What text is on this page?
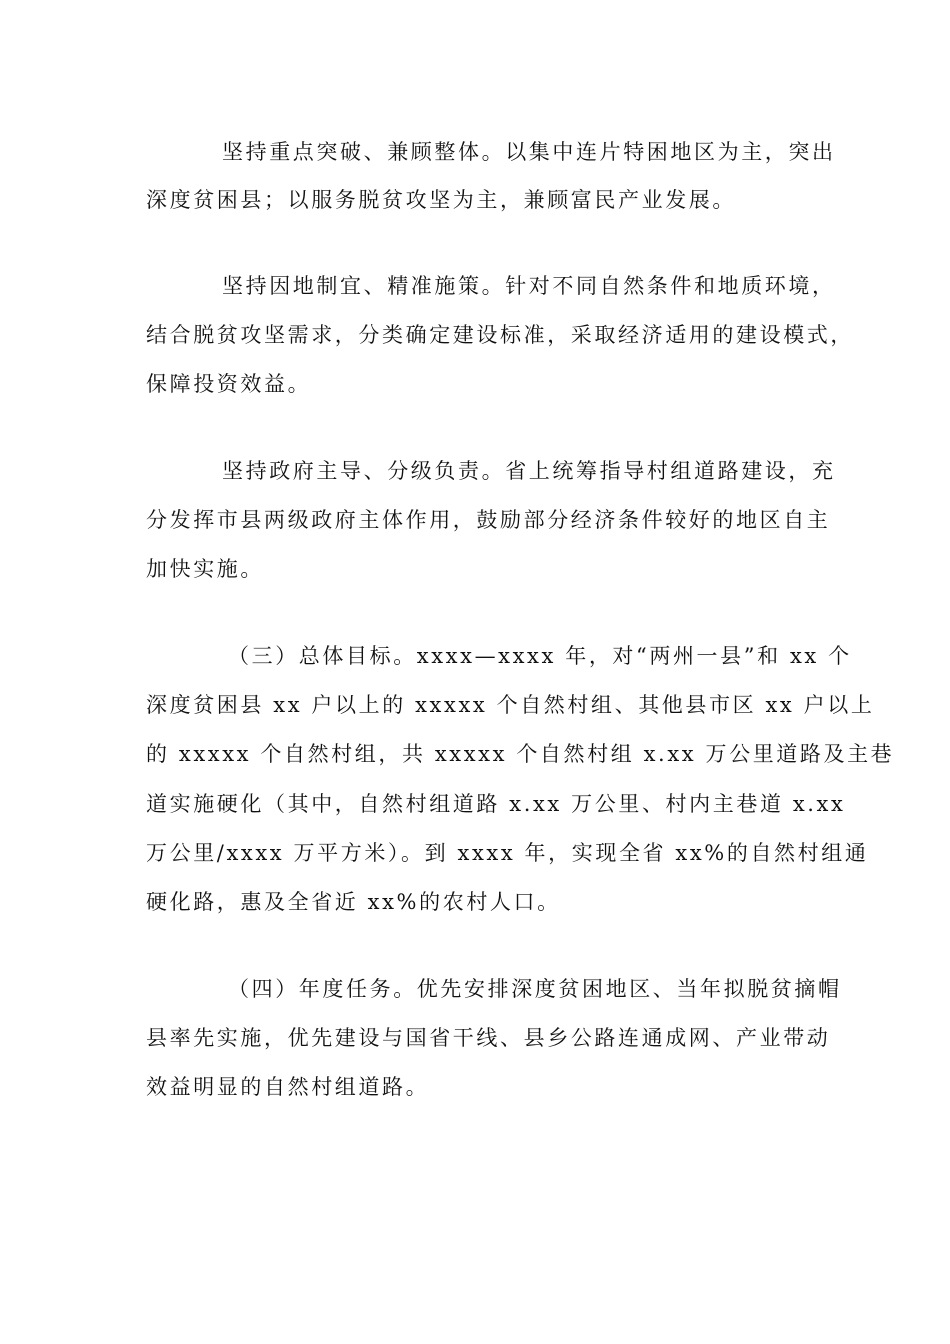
坚持重点突破、兼顾整体。以集中连片特困地区为主，突出
深度贫困县；以服务脱贫攻坚为主，兼顾富民产业发展。
坚持因地制宜、精准施策。针对不同自然条件和地质环境，
结合脱贫攻坚需求，分类确定建设标准，采取经济适用的建设模式，
保障投资效益。
坚持政府主导、分级负责。省上统筹指导村组道路建设，充
分发挥市县两级政府主体作用，鼓励部分经济条件较好的地区自主
加快实施。
（三）总体目标。xxxx—xxxx 年，对“两州一县”和 xx 个
深度贫困县 xx 户以上的 xxxxx 个自然村组、其他县市区 xx 户以上
的 xxxxx 个自然村组，共 xxxxx 个自然村组 x.xx 万公里道路及主巷
道实施硬化（其中，自然村组道路 x.xx 万公里、村内主巷道 x.xx
万公里/xxxx 万平方米）。到 xxxx 年，实现全省 xx%的自然村组通
硬化路，惠及全省近 xx%的农村人口。
（四）年度任务。优先安排深度贫困地区、当年拟脱贫摘帽
县率先实施，优先建设与国省干线、县乡公路连通成网、产业带动
效益明显的自然村组道路。
